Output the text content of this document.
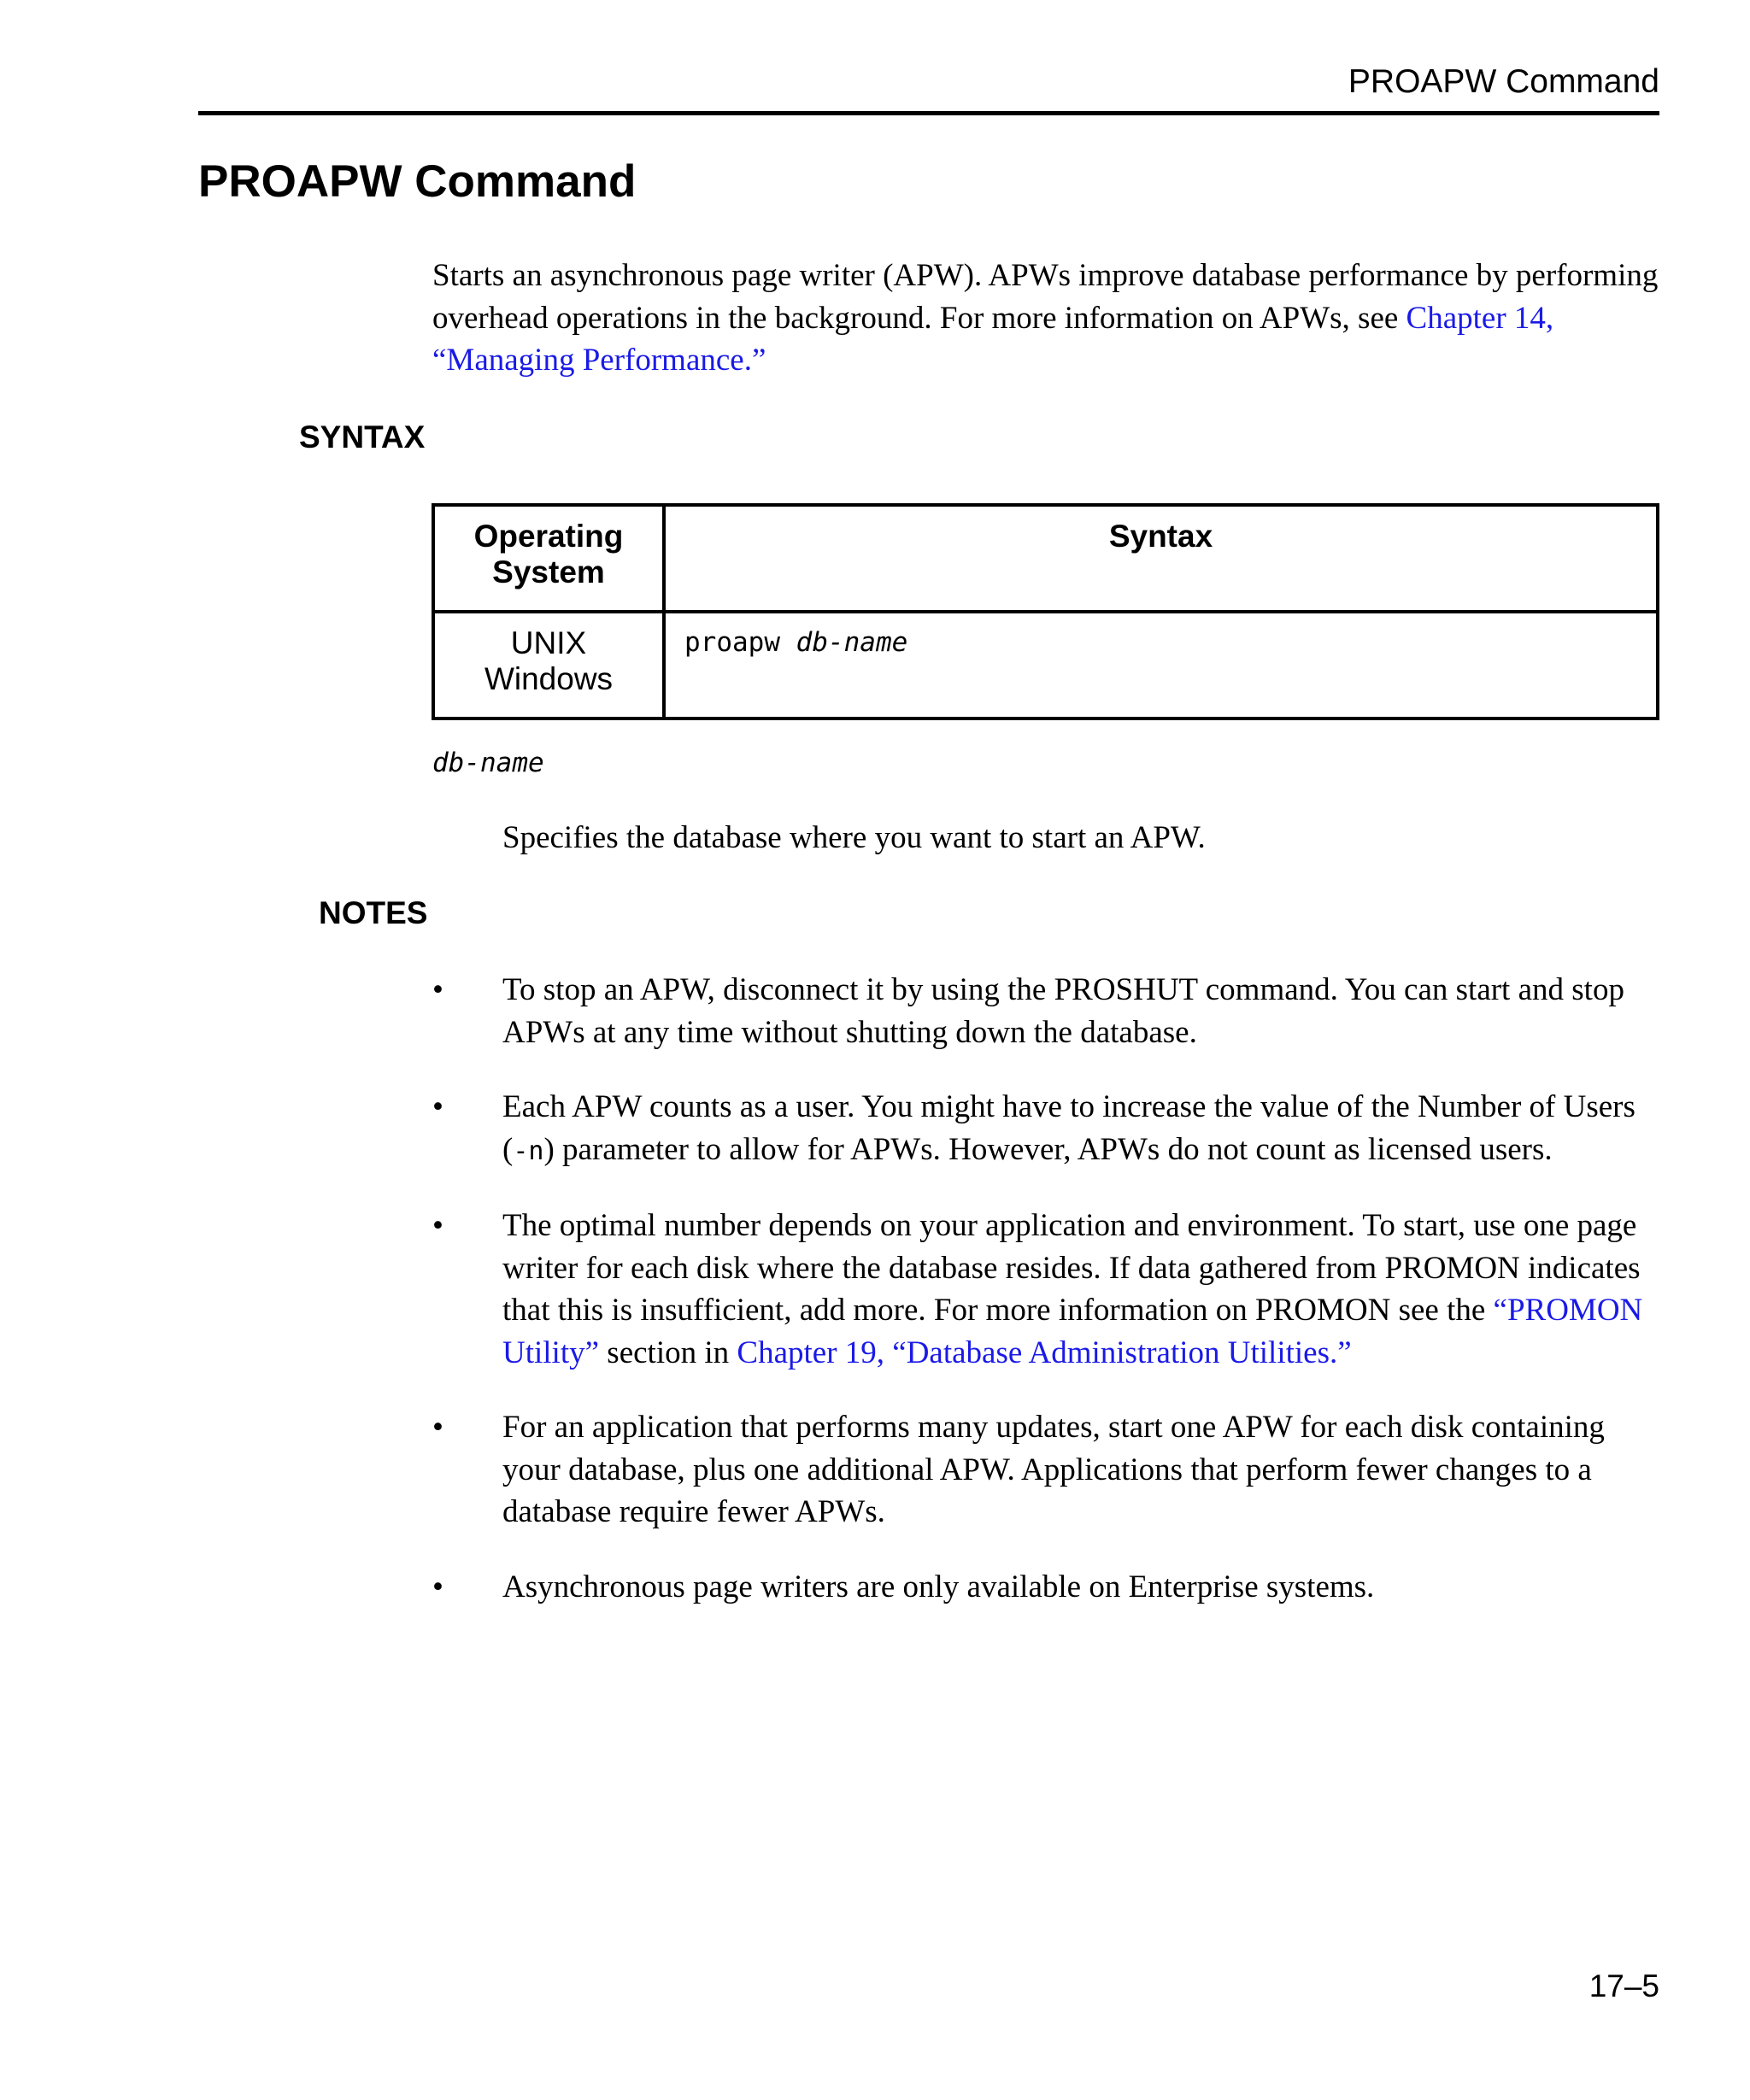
PROAPW Command
PROAPW Command

Starts an asynchronous page writer (APW). APWs improve database performance by performing overhead operations in the background. For more information on APWs, see Chapter 14, “Managing Performance.”

SYNTAX
Operating System	Syntax

UNIX
Windows	proapw db-name

db-name

Specifies the database where you want to start an APW.

NOTES
•	To stop an APW, disconnect it by using the PROSHUT command. You can start and stop APWs at any time without shutting down the database.
•	Each APW counts as a user. You might have to increase the value of the Number of Users (-n) parameter to allow for APWs. However, APWs do not count as licensed users.
•	The optimal number depends on your application and environment. To start, use one page writer for each disk where the database resides. If data gathered from PROMON indicates that this is insufficient, add more. For more information on PROMON see the “PROMON Utility” section in Chapter 19, “Database Administration Utilities.”
•	For an application that performs many updates, start one APW for each disk containing your database, plus one additional APW. Applications that perform fewer changes to a database require fewer APWs.
•	Asynchronous page writers are only available on Enterprise systems.

17–5
